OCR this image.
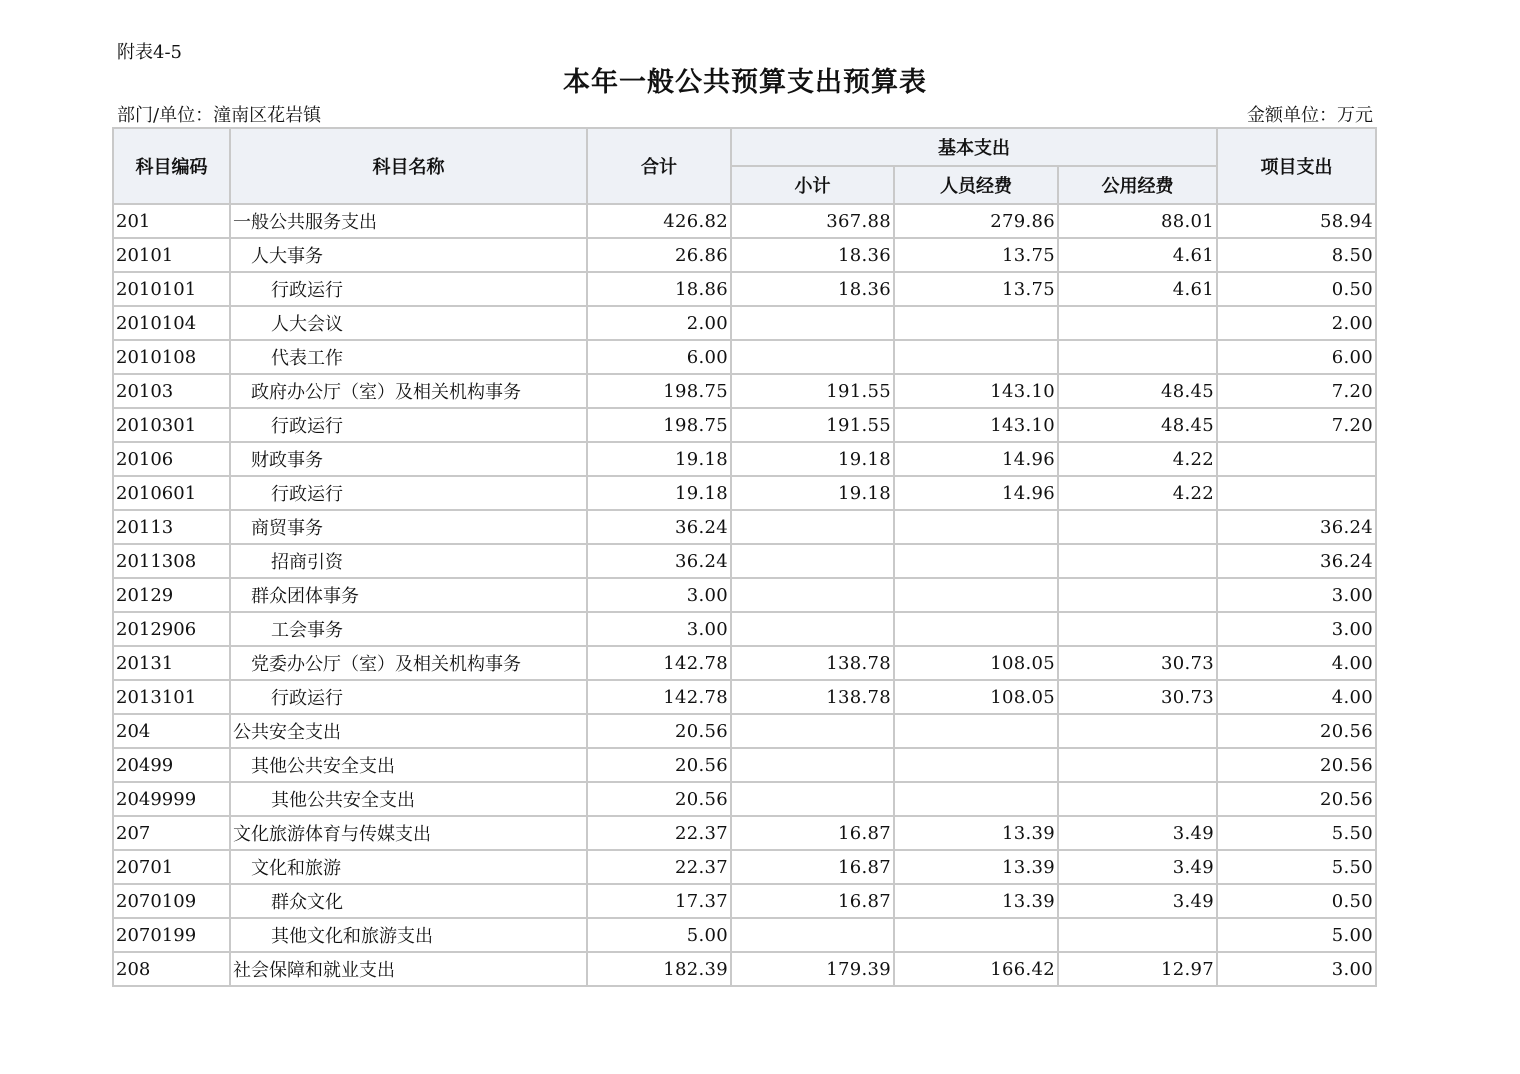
附表4-5
本年一般公共预算支出预算表
部门/单位：潼南区花岩镇	金额单位：万元
科目编码	科目名称	合计	基本支出			项目支出
			小计	人员经费	公用经费	
201	一般公共服务支出	426.82	367.88	279.86	88.01	58.94
20101	人大事务	26.86	18.36	13.75	4.61	8.50
2010101	行政运行	18.86	18.36	13.75	4.61	0.50
2010104	人大会议	2.00				2.00
2010108	代表工作	6.00				6.00
20103	政府办公厅（室）及相关机构事务	198.75	191.55	143.10	48.45	7.20
2010301	行政运行	198.75	191.55	143.10	48.45	7.20
20106	财政事务	19.18	19.18	14.96	4.22	
2010601	行政运行	19.18	19.18	14.96	4.22	
20113	商贸事务	36.24				36.24
2011308	招商引资	36.24				36.24
20129	群众团体事务	3.00				3.00
2012906	工会事务	3.00				3.00
20131	党委办公厅（室）及相关机构事务	142.78	138.78	108.05	30.73	4.00
2013101	行政运行	142.78	138.78	108.05	30.73	4.00
204	公共安全支出	20.56				20.56
20499	其他公共安全支出	20.56				20.56
2049999	其他公共安全支出	20.56				20.56
207	文化旅游体育与传媒支出	22.37	16.87	13.39	3.49	5.50
20701	文化和旅游	22.37	16.87	13.39	3.49	5.50
2070109	群众文化	17.37	16.87	13.39	3.49	0.50
2070199	其他文化和旅游支出	5.00				5.00
208	社会保障和就业支出	182.39	179.39	166.42	12.97	3.00
